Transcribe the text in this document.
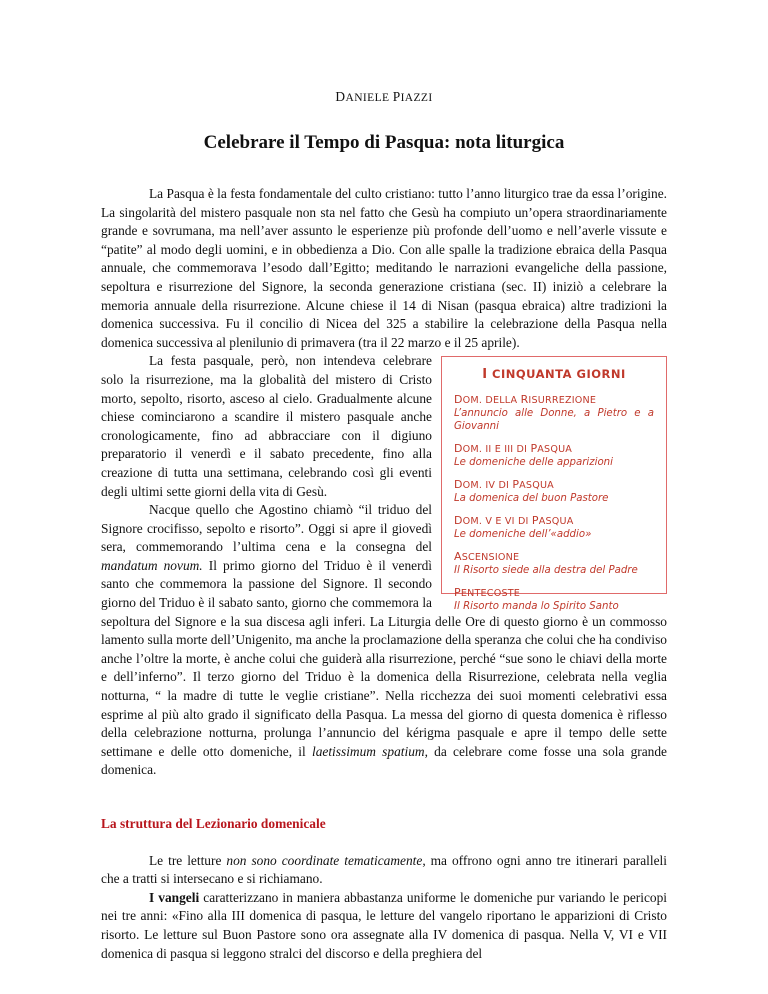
DANIELE PIAZZI
Celebrare il Tempo di Pasqua: nota liturgica

La Pasqua è la festa fondamentale del culto cristiano: tutto l’anno liturgico trae da essa l’origine. La singolarità del mistero pasquale non sta nel fatto che Gesù ha compiuto un’opera straordinariamente grande e sovrumana, ma nell’aver assunto le esperienze più profonde dell’uomo e nell’averle vissute e “patite” al modo degli uomini, e in obbedienza a Dio. Con alle spalle la tradizione ebraica della Pasqua annuale, che commemorava l’esodo dall’Egitto; meditando le narrazioni evangeliche della passione, sepoltura e risurrezione del Signore, la seconda generazione cristiana (sec. II) iniziò a celebrare la memoria annuale della risurrezione. Alcune chiese il 14 di Nisan (pasqua ebraica) altre tradizioni la domenica successiva. Fu il concilio di Nicea del 325 a stabilire la celebrazione della Pasqua nella domenica successiva al plenilunio di primavera (tra il 22 marzo e il 25 aprile).

I CINQUANTA GIORNI
DOM. DELLA RISURREZIONE
L’annuncio alle Donne, a Pietro e a Giovanni
DOM. II E III DI PASQUA
Le domeniche delle apparizioni
DOM. IV DI PASQUA
La domenica del buon Pastore
DOM. V E VI DI PASQUA
Le domeniche dell’«addio»
ASCENSIONE
Il Risorto siede alla destra del Padre
PENTECOSTE
Il Risorto manda lo Spirito Santo

La festa pasquale, però, non intendeva celebrare solo la risurrezione, ma la globalità del mistero di Cristo morto, sepolto, risorto, asceso al cielo. Gradualmente alcune chiese cominciarono a scandire il mistero pasquale anche cronologicamente, fino ad abbracciare con il digiuno preparatorio il venerdì e il sabato precedente, fino alla creazione di tutta una settimana, celebrando così gli eventi degli ultimi sette giorni della vita di Gesù.

Nacque quello che Agostino chiamò “il triduo del Signore crocifisso, sepolto e risorto”. Oggi si apre il giovedì sera, commemorando l’ultima cena e la consegna del mandatum novum. Il primo giorno del Triduo è il venerdì santo che commemora la passione del Signore. Il secondo giorno del Triduo è il sabato santo, giorno che commemora la sepoltura del Signore e la sua discesa agli inferi. La Liturgia delle Ore di questo giorno è un commosso lamento sulla morte dell’Unigenito, ma anche la proclamazione della speranza che colui che ha condiviso anche l’oltre la morte, è anche colui che guiderà alla risurrezione, perché “sue sono le chiavi della morte e dell’inferno”. Il terzo giorno del Triduo è la domenica della Risurrezione, celebrata nella veglia notturna, “ la madre di tutte le veglie cristiane”. Nella ricchezza dei suoi momenti celebrativi essa esprime al più alto grado il significato della Pasqua. La messa del giorno di questa domenica è riflesso della celebrazione notturna, prolunga l’annuncio del kérigma pasquale e apre il tempo delle sette settimane e delle otto domeniche, il laetissimum spatium, da celebrare come fosse una sola grande domenica.

La struttura del Lezionario domenicale

Le tre letture non sono coordinate tematicamente, ma offrono ogni anno tre itinerari paralleli che a tratti si intersecano e si richiamano.

I vangeli caratterizzano in maniera abbastanza uniforme le domeniche pur variando le pericopi nei tre anni: «Fino alla III domenica di pasqua, le letture del vangelo riportano le apparizioni di Cristo risorto. Le letture sul Buon Pastore sono ora assegnate alla IV domenica di pasqua. Nella V, VI e VII domenica di pasqua si leggono stralci del discorso e della preghiera del
